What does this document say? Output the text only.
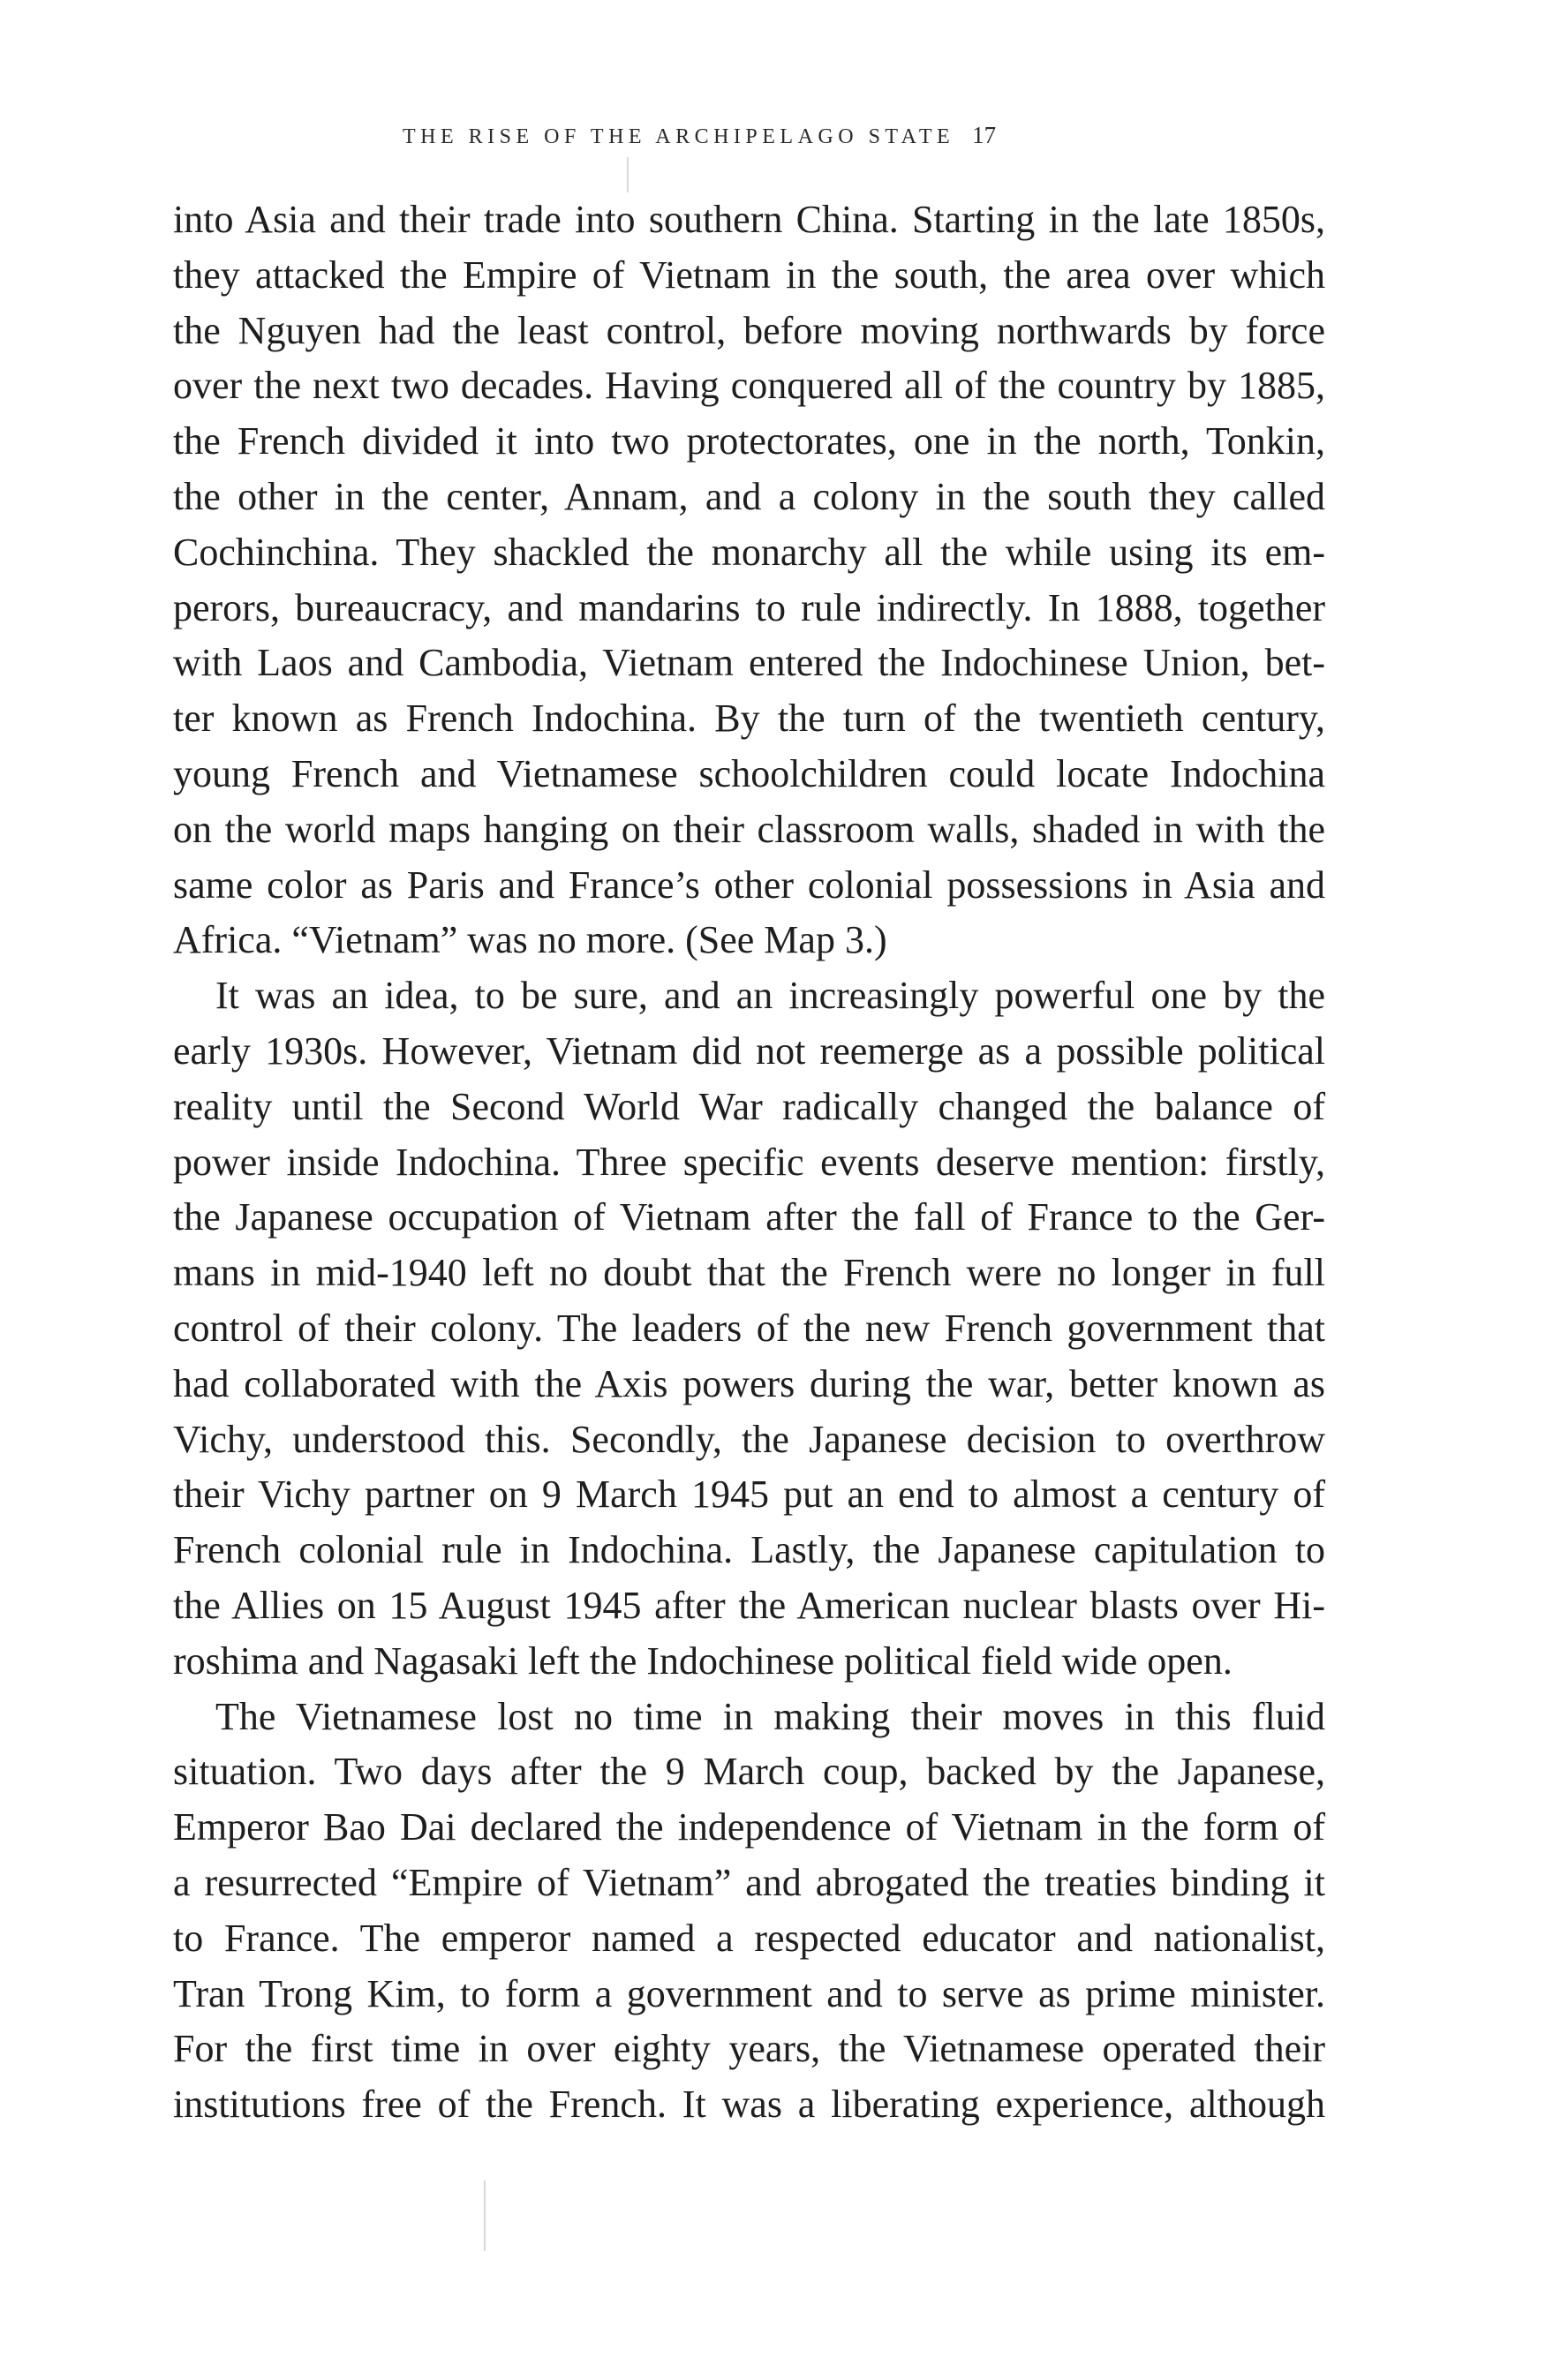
THE RISE OF THE ARCHIPELAGO STATE 17
into Asia and their trade into southern China. Starting in the late 1850s,
they attacked the Empire of Vietnam in the south, the area over which
the Nguyen had the least control, before moving northwards by force
over the next two decades. Having conquered all of the country by 1885,
the French divided it into two protectorates, one in the north, Tonkin,
the other in the center, Annam, and a colony in the south they called
Cochinchina. They shackled the monarchy all the while using its em-
perors, bureaucracy, and mandarins to rule indirectly. In 1888, together
with Laos and Cambodia, Vietnam entered the Indochinese Union, bet-
ter known as French Indochina. By the turn of the twentieth century,
young French and Vietnamese schoolchildren could locate Indochina
on the world maps hanging on their classroom walls, shaded in with the
same color as Paris and France’s other colonial possessions in Asia and
Africa. “Vietnam” was no more. (See Map 3.)
It was an idea, to be sure, and an increasingly powerful one by the
early 1930s. However, Vietnam did not reemerge as a possible political
reality until the Second World War radically changed the balance of
power inside Indochina. Three specific events deserve mention: firstly,
the Japanese occupation of Vietnam after the fall of France to the Ger-
mans in mid-1940 left no doubt that the French were no longer in full
control of their colony. The leaders of the new French government that
had collaborated with the Axis powers during the war, better known as
Vichy, understood this. Secondly, the Japanese decision to overthrow
their Vichy partner on 9 March 1945 put an end to almost a century of
French colonial rule in Indochina. Lastly, the Japanese capitulation to
the Allies on 15 August 1945 after the American nuclear blasts over Hi-
roshima and Nagasaki left the Indochinese political field wide open.
The Vietnamese lost no time in making their moves in this fluid
situation. Two days after the 9 March coup, backed by the Japanese,
Emperor Bao Dai declared the independence of Vietnam in the form of
a resurrected “Empire of Vietnam” and abrogated the treaties binding it
to France. The emperor named a respected educator and nationalist,
Tran Trong Kim, to form a government and to serve as prime minister.
For the first time in over eighty years, the Vietnamese operated their
institutions free of the French. It was a liberating experience, although
